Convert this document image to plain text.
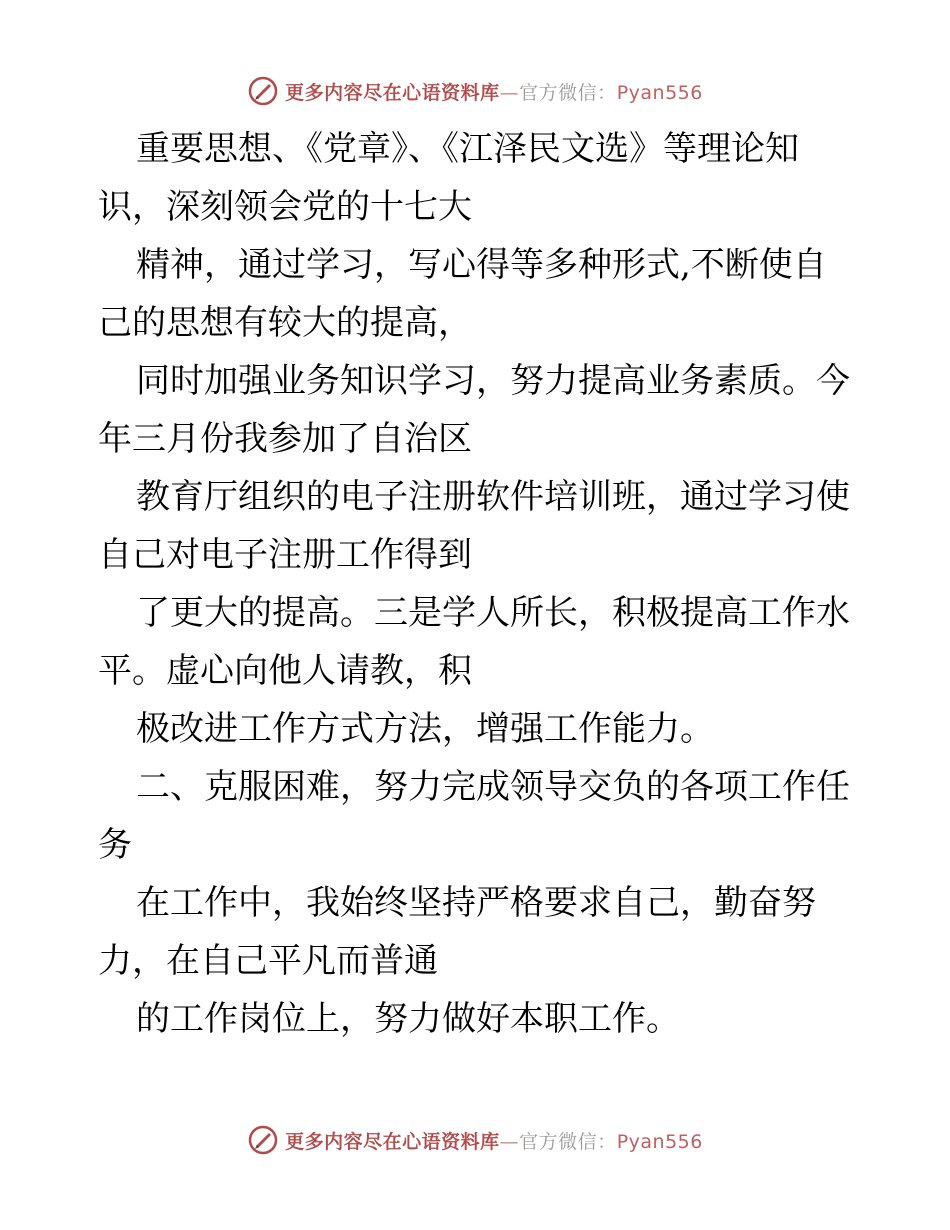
更多内容尽在心语资料库—官方微信：Pyan556

重要思想、《党章》、《江泽民文选》等理论知
识，深刻领会党的十七大

精神，通过学习，写心得等多种形式,不断使自
己的思想有较大的提高，

同时加强业务知识学习，努力提高业务素质。今
年三月份我参加了自治区

教育厅组织的电子注册软件培训班，通过学习使
自己对电子注册工作得到

了更大的提高。三是学人所长，积极提高工作水
平。虚心向他人请教，积

极改进工作方式方法，增强工作能力。

二、克服困难，努力完成领导交负的各项工作任
务

在工作中，我始终坚持严格要求自己，勤奋努
力，在自己平凡而普通

的工作岗位上，努力做好本职工作。

更多内容尽在心语资料库—官方微信：Pyan556
